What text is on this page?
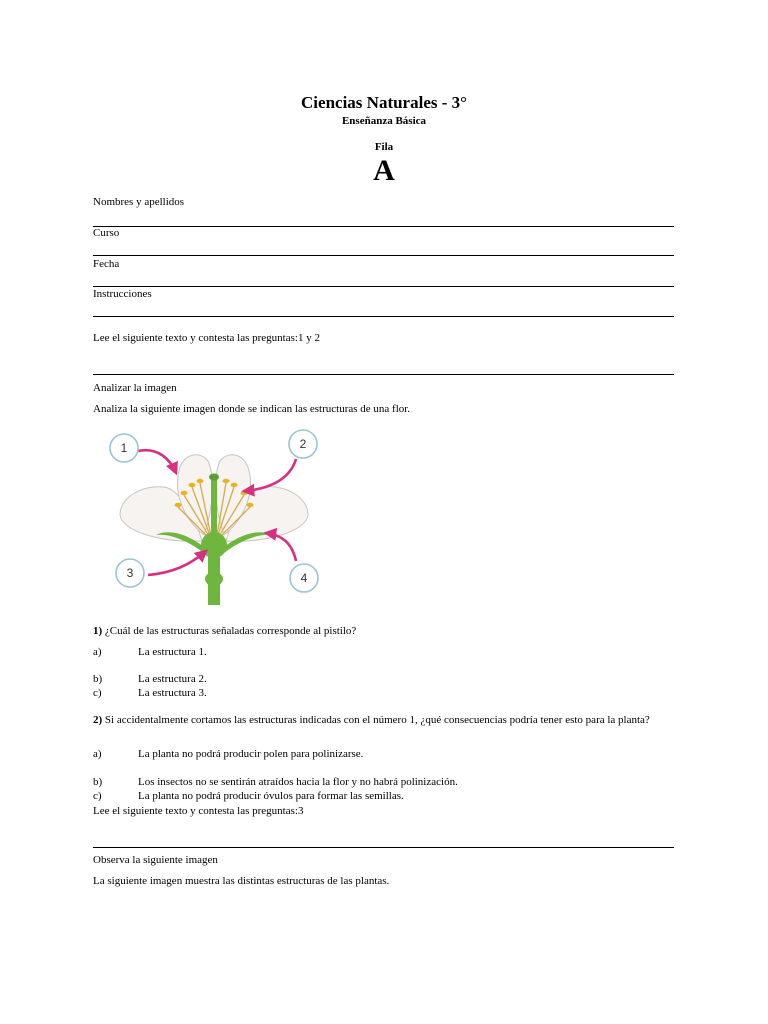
Ciencias Naturales - 3°
Enseñanza Básica
Fila
A
Nombres y apellidos
Curso
Fecha
Instrucciones
Lee el siguiente texto y contesta las preguntas:1 y 2
Analizar la imagen
Analiza la siguiente imagen donde se indican las estructuras de una flor.
1	2
3	4
1) ¿Cuál de las estructuras señaladas corresponde al pistilo?
a)	La estructura 1.
b)	La estructura 2.
c)	La estructura 3.
2) Si accidentalmente cortamos las estructuras indicadas con el número 1, ¿qué consecuencias podría tener esto para la planta?
a)	La planta no podrá producir polen para polinizarse.
b)	Los insectos no se sentirán atraídos hacia la flor y no habrá polinización.
c)	La planta no podrá producir óvulos para formar las semillas.
Lee el siguiente texto y contesta las preguntas:3
Observa la siguiente imagen
La siguiente imagen muestra las distintas estructuras de las plantas.
